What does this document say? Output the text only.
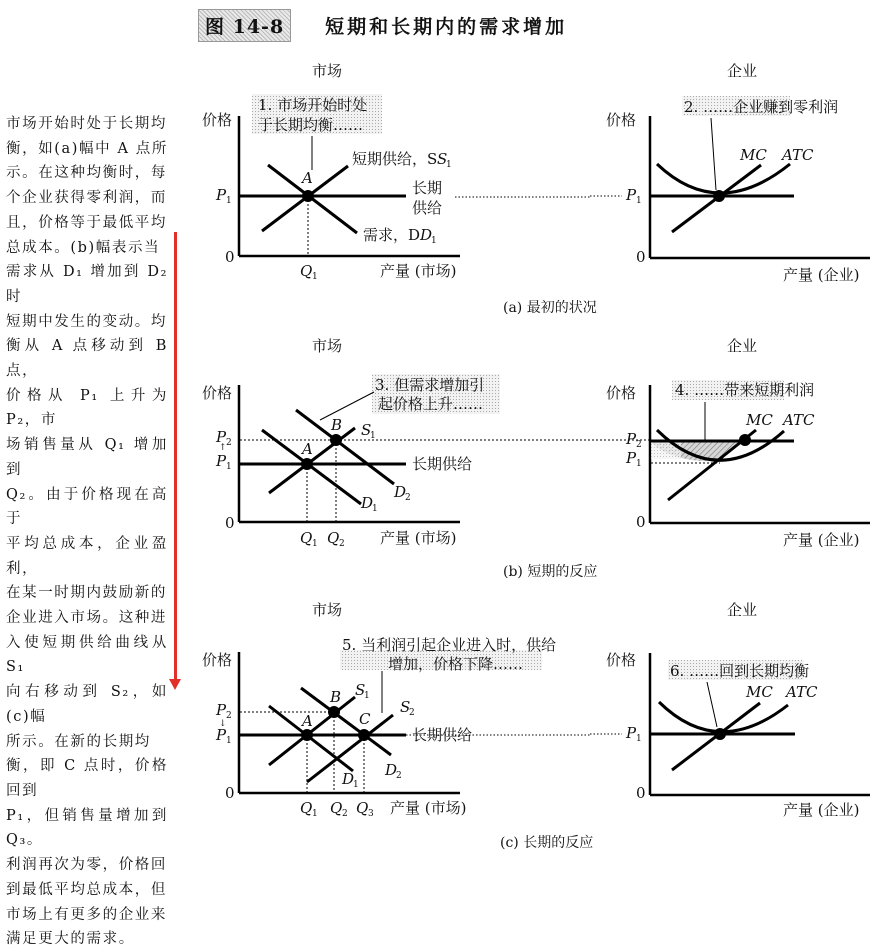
图 14-8	短期和长期内的需求增加
市场开始时处于长期均
衡，如(a)幅中 A 点所
示。在这种均衡时，每
个企业获得零利润，而
且，价格等于最低平均
总成本。(b)幅表示当
需求从 D₁ 增加到 D₂ 时
短期中发生的变动。均
衡从 A 点移动到 B 点，
价格从 P₁ 上升为 P₂，市
场销售量从 Q₁ 增加到
Q₂。由于价格现在高于
平均总成本，企业盈利，
在某一时期内鼓励新的
企业进入市场。这种进
入使短期供给曲线从 S₁
向右移动到 S₂，如(c)幅
所示。在新的长期均
衡，即 C 点时，价格回到
P₁，但销售量增加到 Q₃。
利润再次为零，价格回
到最低平均总成本，但
市场上有更多的企业来
满足更大的需求。
市场	企业
价格
0
1. 市场开始时处
于长期均衡……
A
P 1
Q 1
短期供给，S S
1
需求，D D
1
长期
供给
产量 (市场)
价格
0
2. ……企业赚到零利润
P 1
MC ATC
产量 (企业)
(a) 最初的状况
市场	企业
价格
0
3. 但需求增加引
起价格上升……
A
B S
1
D
2
D
1
P 2
↑
P 1	长期供给
Q 1 Q 2 产量 (市场)
价格
0
4. ……带来短期利润
P 2
P 1
MC ATC
产量 (企业)
(b) 短期的反应
市场	企业
价格
0
5. 当利润引起企业进入时，供给
增加，价格下降……
A
B
C
S
1
S
2
D
2
D
1
P 2
↓
P 1	长期供给
Q 1 Q 2 Q 3 产量 (市场)
价格
0
6. ……回到长期均衡
P 1
MC ATC
产量 (企业)
(c) 长期的反应
